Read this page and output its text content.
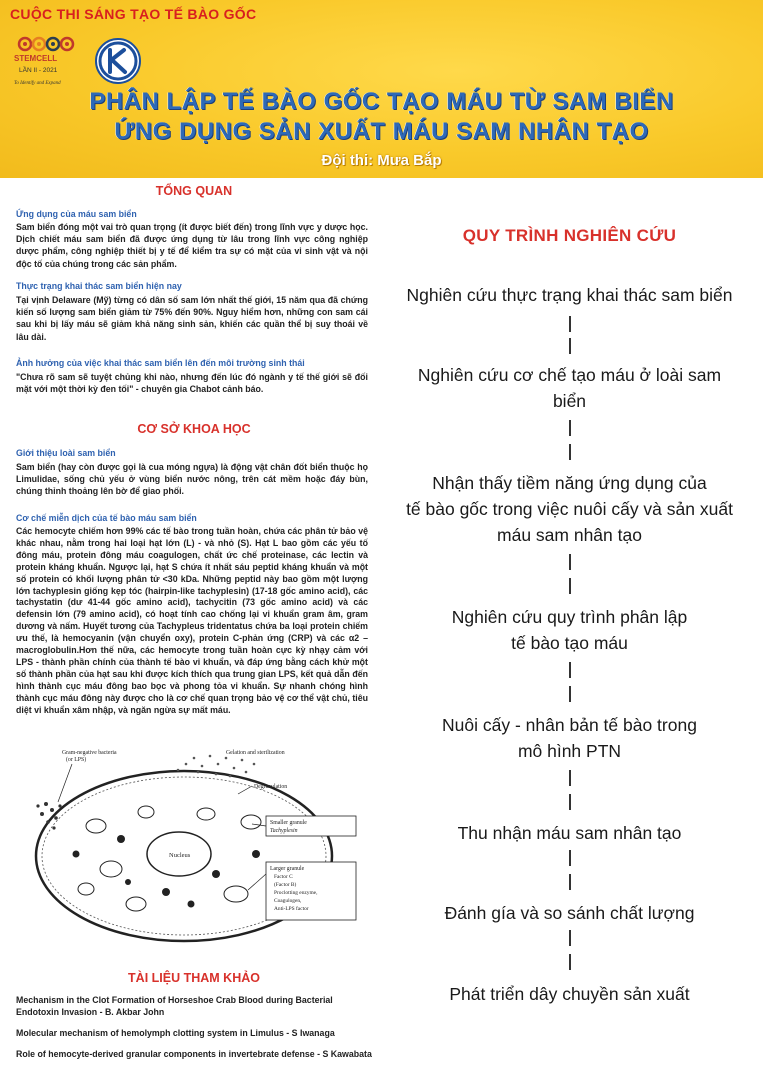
CUỘC THI SÁNG TẠO TẾ BÀO GỐC
STEMCELL
LẦN II - 2021
To Identify and Expand
PHÂN LẬP TẾ BÀO GỐC TẠO MÁU TỪ SAM BIỂN
ỨNG DỤNG SẢN XUẤT MÁU SAM NHÂN TẠO
Đội thi: Mưa Bắp
TỔNG QUAN
Ứng dụng của máu sam biển
Sam biển đóng một vai trò quan trọng (ít được biết đến) trong lĩnh vực y dược học. Dịch chiết máu sam biển đã được ứng dụng từ lâu trong lĩnh vực công nghiệp dược phẩm, công nghiệp thiết bị y tế để kiểm tra sự có mặt của vi sinh vật và nội độc tố của chúng trong các sản phẩm.
Thực trạng khai thác sam biển hiện nay
Tại vịnh Delaware (Mỹ) từng có dân số sam lớn nhất thế giới, 15 năm qua đã chứng kiến số lượng sam biển giảm từ 75% đến 90%. Nguy hiểm hơn, những con sam cái sau khi bị lấy máu sẽ giảm khả năng sinh sản, khiến các quần thể bị suy thoái về lâu dài.
Ảnh hưởng của việc khai thác sam biển lên đến môi trường sinh thái
"Chưa rõ sam sẽ tuyệt chủng khi nào, nhưng đến lúc đó ngành y tế thế giới sẽ đối mặt với một thời kỳ đen tối" - chuyên gia Chabot cảnh báo.
CƠ SỞ KHOA HỌC
Giới thiệu loài sam biển
Sam biển (hay còn được gọi là cua móng ngựa) là động vật chân đốt biển thuộc họ Limulidae, sống chủ yếu ở vùng biển nước nông, trên cát mềm hoặc đáy bùn, chúng thỉnh thoảng lên bờ để giao phối.
Cơ chế miễn dịch của tế bào máu sam biển
Các hemocyte chiếm hơn 99% các tế bào trong tuần hoàn, chứa các phân tử bảo vệ khác nhau, nằm trong hai loại hạt lớn (L) - và nhỏ (S). Hạt L bao gồm các yếu tố đông máu, protein đông máu coagulogen, chất ức chế proteinase, các lectin và protein kháng khuẩn. Ngược lại, hạt S chứa ít nhất sáu peptid kháng khuẩn và một số protein có khối lượng phân tử <30 kDa. Những peptid này bao gồm một lượng lớn tachyplesin giống kẹp tóc (hairpin-like tachyplesin) (17-18 gốc amino acid), các tachystatin (dư 41-44 gốc amino acid), tachycitin (73 gốc amino acid) và các defensin lớn (79 amino acid), có hoạt tính cao chống lại vi khuẩn gram âm, gram dương và nấm. Huyết tương của Tachypleus tridentatus chứa ba loại protein chiếm ưu thế, là hemocyanin (vận chuyển oxy), protein C-phản ứng (CRP) và các α2 – macroglobulin.Hơn thế nữa, các hemocyte trong tuần hoàn cực kỳ nhạy cảm với LPS - thành phần chính của thành tế bào vi khuẩn, và đáp ứng bằng cách khử một số thành phần của hạt sau khi được kích thích qua trung gian LPS, kết quả dẫn đến hình thành cục máu đông bao bọc và phong tỏa vi khuẩn. Sự nhanh chóng hình thành cục máu đông này được cho là cơ chế quan trọng bảo vệ cơ thể vật chủ, tiêu diệt vi khuẩn xâm nhập, và ngăn ngừa sự mất máu.
Nucleus
Gram-negative bacteria
(or LPS)
Gelation and sterilization
Degranulation
Smaller granule
Tachyplesin
Larger granule
Factor C
(Factor B)
Proclotting enzyme,
Coagulogen,
Anti-LPS factor
TÀI LIỆU THAM KHẢO
Mechanism in the Clot Formation of Horseshoe Crab Blood during Bacterial Endotoxin Invasion - B. Akbar John
Molecular mechanism of hemolymph clotting system in Limulus - S Iwanaga
Role of hemocyte-derived granular components in invertebrate defense - S Kawabata
QUY TRÌNH NGHIÊN CỨU
Nghiên cứu thực trạng khai thác sam biển
Nghiên cứu cơ chế tạo máu ở loài sam
biển
Nhận thấy tiềm năng ứng dụng của
tế bào gốc trong việc nuôi cấy và sản xuất
máu sam nhân tạo
Nghiên cứu quy trình phân lập
tế bào tạo máu
Nuôi cấy - nhân bản tế bào trong
mô hình PTN
Thu nhận máu sam nhân tạo
Đánh gía và so sánh chất lượng
Phát triển dây chuyền sản xuất
